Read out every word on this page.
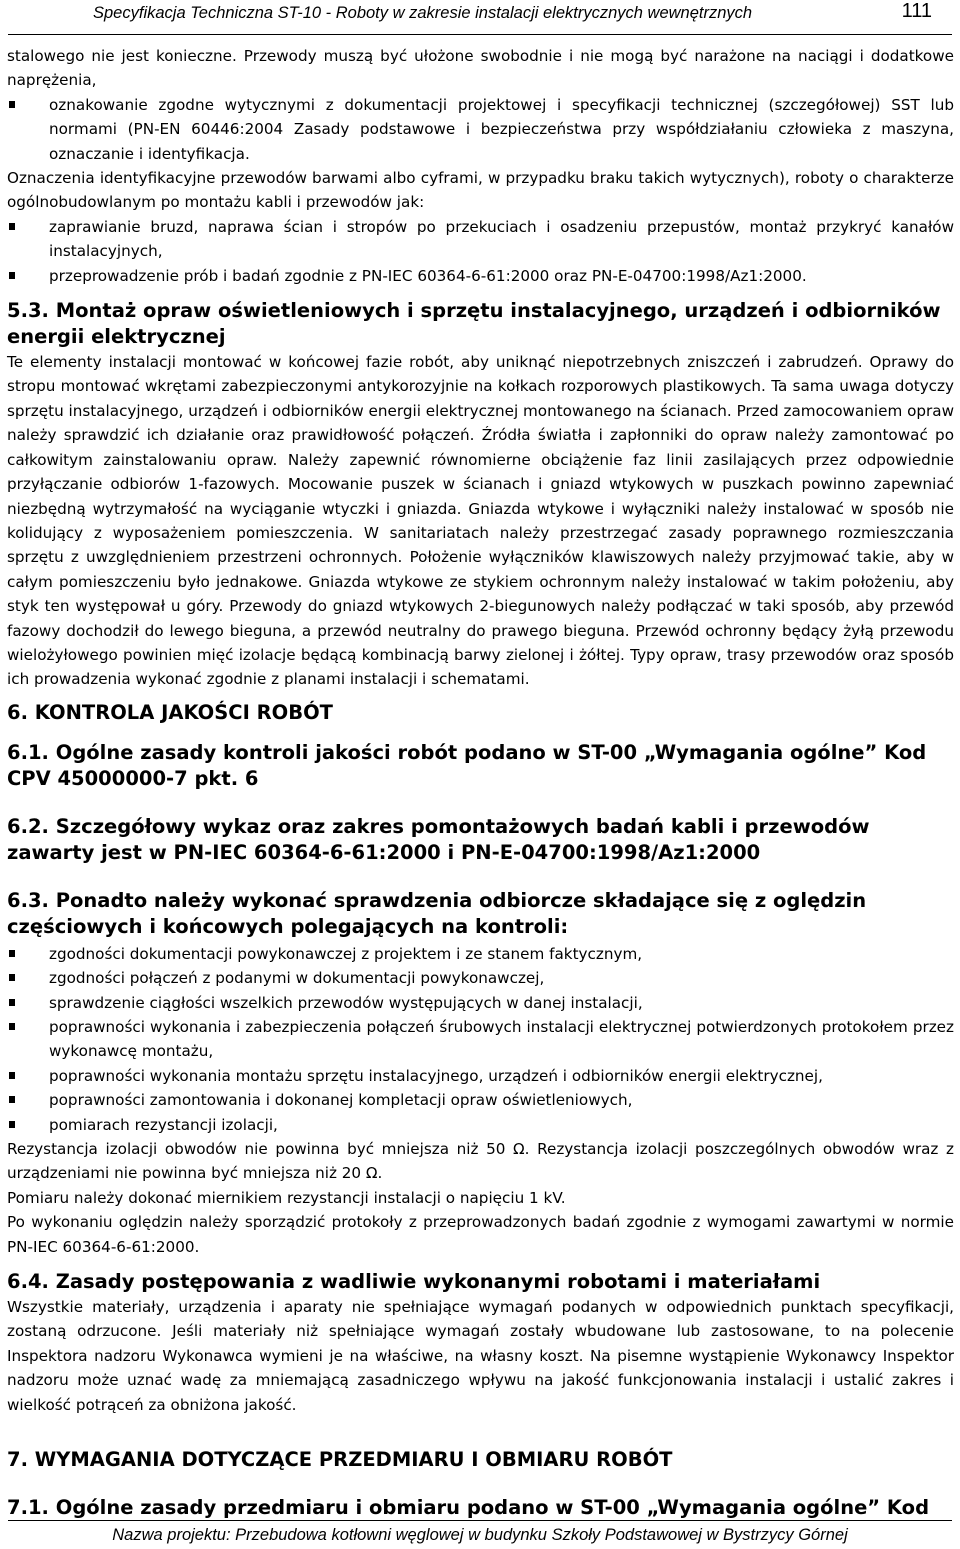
Specyfikacja Techniczna ST-10 - Roboty w zakresie instalacji elektrycznych wewnętrznych	111

stalowego nie jest konieczne. Przewody muszą być ułożone swobodnie i nie mogą być narażone na naciągi i dodatkowe naprężenia,

oznakowanie zgodne wytycznymi z dokumentacji projektowej i specyfikacji technicznej (szczegółowej) SST lub normami (PN-EN 60446:2004 Zasady podstawowe i bezpieczeństwa przy współdziałaniu człowieka z maszyna, oznaczanie i identyfikacja.

Oznaczenia identyfikacyjne przewodów barwami albo cyframi, w przypadku braku takich wytycznych), roboty o charakterze ogólnobudowlanym po montażu kabli i przewodów jak:

zaprawianie bruzd, naprawa ścian i stropów po przekuciach i osadzeniu przepustów, montaż przykryć kanałów instalacyjnych,

przeprowadzenie prób i badań zgodnie z PN-IEC 60364-6-61:2000 oraz PN-E-04700:1998/Az1:2000.

5.3. Montaż opraw oświetleniowych i sprzętu instalacyjnego, urządzeń i odbiorników energii elektrycznej

Te elementy instalacji montować w końcowej fazie robót, aby uniknąć niepotrzebnych zniszczeń i zabrudzeń. Oprawy do stropu montować wkrętami zabezpieczonymi antykorozyjnie na kołkach rozporowych plastikowych. Ta sama uwaga dotyczy sprzętu instalacyjnego, urządzeń i odbiorników energii elektrycznej montowanego na ścianach. Przed zamocowaniem opraw należy sprawdzić ich działanie oraz prawidłowość połączeń. Źródła światła i zapłonniki do opraw należy zamontować po całkowitym zainstalowaniu opraw. Należy zapewnić równomierne obciążenie faz linii zasilających przez odpowiednie przyłączanie odbiorów 1-fazowych. Mocowanie puszek w ścianach i gniazd wtykowych w puszkach powinno zapewniać niezbędną wytrzymałość na wyciąganie wtyczki i gniazda. Gniazda wtykowe i wyłączniki należy instalować w sposób nie kolidujący z wyposażeniem pomieszczenia. W sanitariatach należy przestrzegać zasady poprawnego rozmieszczania sprzętu z uwzględnieniem przestrzeni ochronnych. Położenie wyłączników klawiszowych należy przyjmować takie, aby w całym pomieszczeniu było jednakowe. Gniazda wtykowe ze stykiem ochronnym należy instalować w takim położeniu, aby styk ten występował u góry. Przewody do gniazd wtykowych 2-biegunowych należy podłączać w taki sposób, aby przewód fazowy dochodził do lewego bieguna, a przewód neutralny do prawego bieguna. Przewód ochronny będący żyłą przewodu wielożyłowego powinien mięć izolacje będącą kombinacją barwy zielonej i żółtej. Typy opraw, trasy przewodów oraz sposób ich prowadzenia wykonać zgodnie z planami instalacji i schematami.

6. KONTROLA JAKOŚCI ROBÓT

6.1. Ogólne zasady kontroli jakości robót podano w ST-00 „Wymagania ogólne” Kod CPV 45000000-7 pkt. 6

6.2. Szczegółowy wykaz oraz zakres pomontażowych badań kabli i przewodów zawarty jest w PN-IEC 60364-6-61:2000 i PN-E-04700:1998/Az1:2000

6.3. Ponadto należy wykonać sprawdzenia odbiorcze składające się z oględzin częściowych i końcowych polegających na kontroli:

zgodności dokumentacji powykonawczej z projektem i ze stanem faktycznym,

zgodności połączeń z podanymi w dokumentacji powykonawczej,

sprawdzenie ciągłości wszelkich przewodów występujących w danej instalacji,

poprawności wykonania i zabezpieczenia połączeń śrubowych instalacji elektrycznej potwierdzonych protokołem przez wykonawcę montażu,

poprawności wykonania montażu sprzętu instalacyjnego, urządzeń i odbiorników energii elektrycznej,

poprawności zamontowania i dokonanej kompletacji opraw oświetleniowych,

pomiarach rezystancji izolacji,

Rezystancja izolacji obwodów nie powinna być mniejsza niż 50 Ω. Rezystancja izolacji poszczególnych obwodów wraz z urządzeniami nie powinna być mniejsza niż 20 Ω.

Pomiaru należy dokonać miernikiem rezystancji instalacji o napięciu 1 kV.

Po wykonaniu oględzin należy sporządzić protokoły z przeprowadzonych badań zgodnie z wymogami zawartymi w normie PN-IEC 60364-6-61:2000.

6.4. Zasady postępowania z wadliwie wykonanymi robotami i materiałami

Wszystkie materiały, urządzenia i aparaty nie spełniające wymagań podanych w odpowiednich punktach specyfikacji, zostaną odrzucone. Jeśli materiały niż spełniające wymagań zostały wbudowane lub zastosowane, to na polecenie Inspektora nadzoru Wykonawca wymieni je na właściwe, na własny koszt. Na pisemne wystąpienie Wykonawcy Inspektor nadzoru może uznać wadę za mniemającą zasadniczego wpływu na jakość funkcjonowania instalacji i ustalić zakres i wielkość potrąceń za obniżona jakość.

7. WYMAGANIA DOTYCZĄCE PRZEDMIARU I OBMIARU ROBÓT

7.1. Ogólne zasady przedmiaru i obmiaru podano w ST-00 „Wymagania ogólne” Kod

Nazwa projektu: Przebudowa kotłowni węglowej w budynku Szkoły Podstawowej w Bystrzycy Górnej
